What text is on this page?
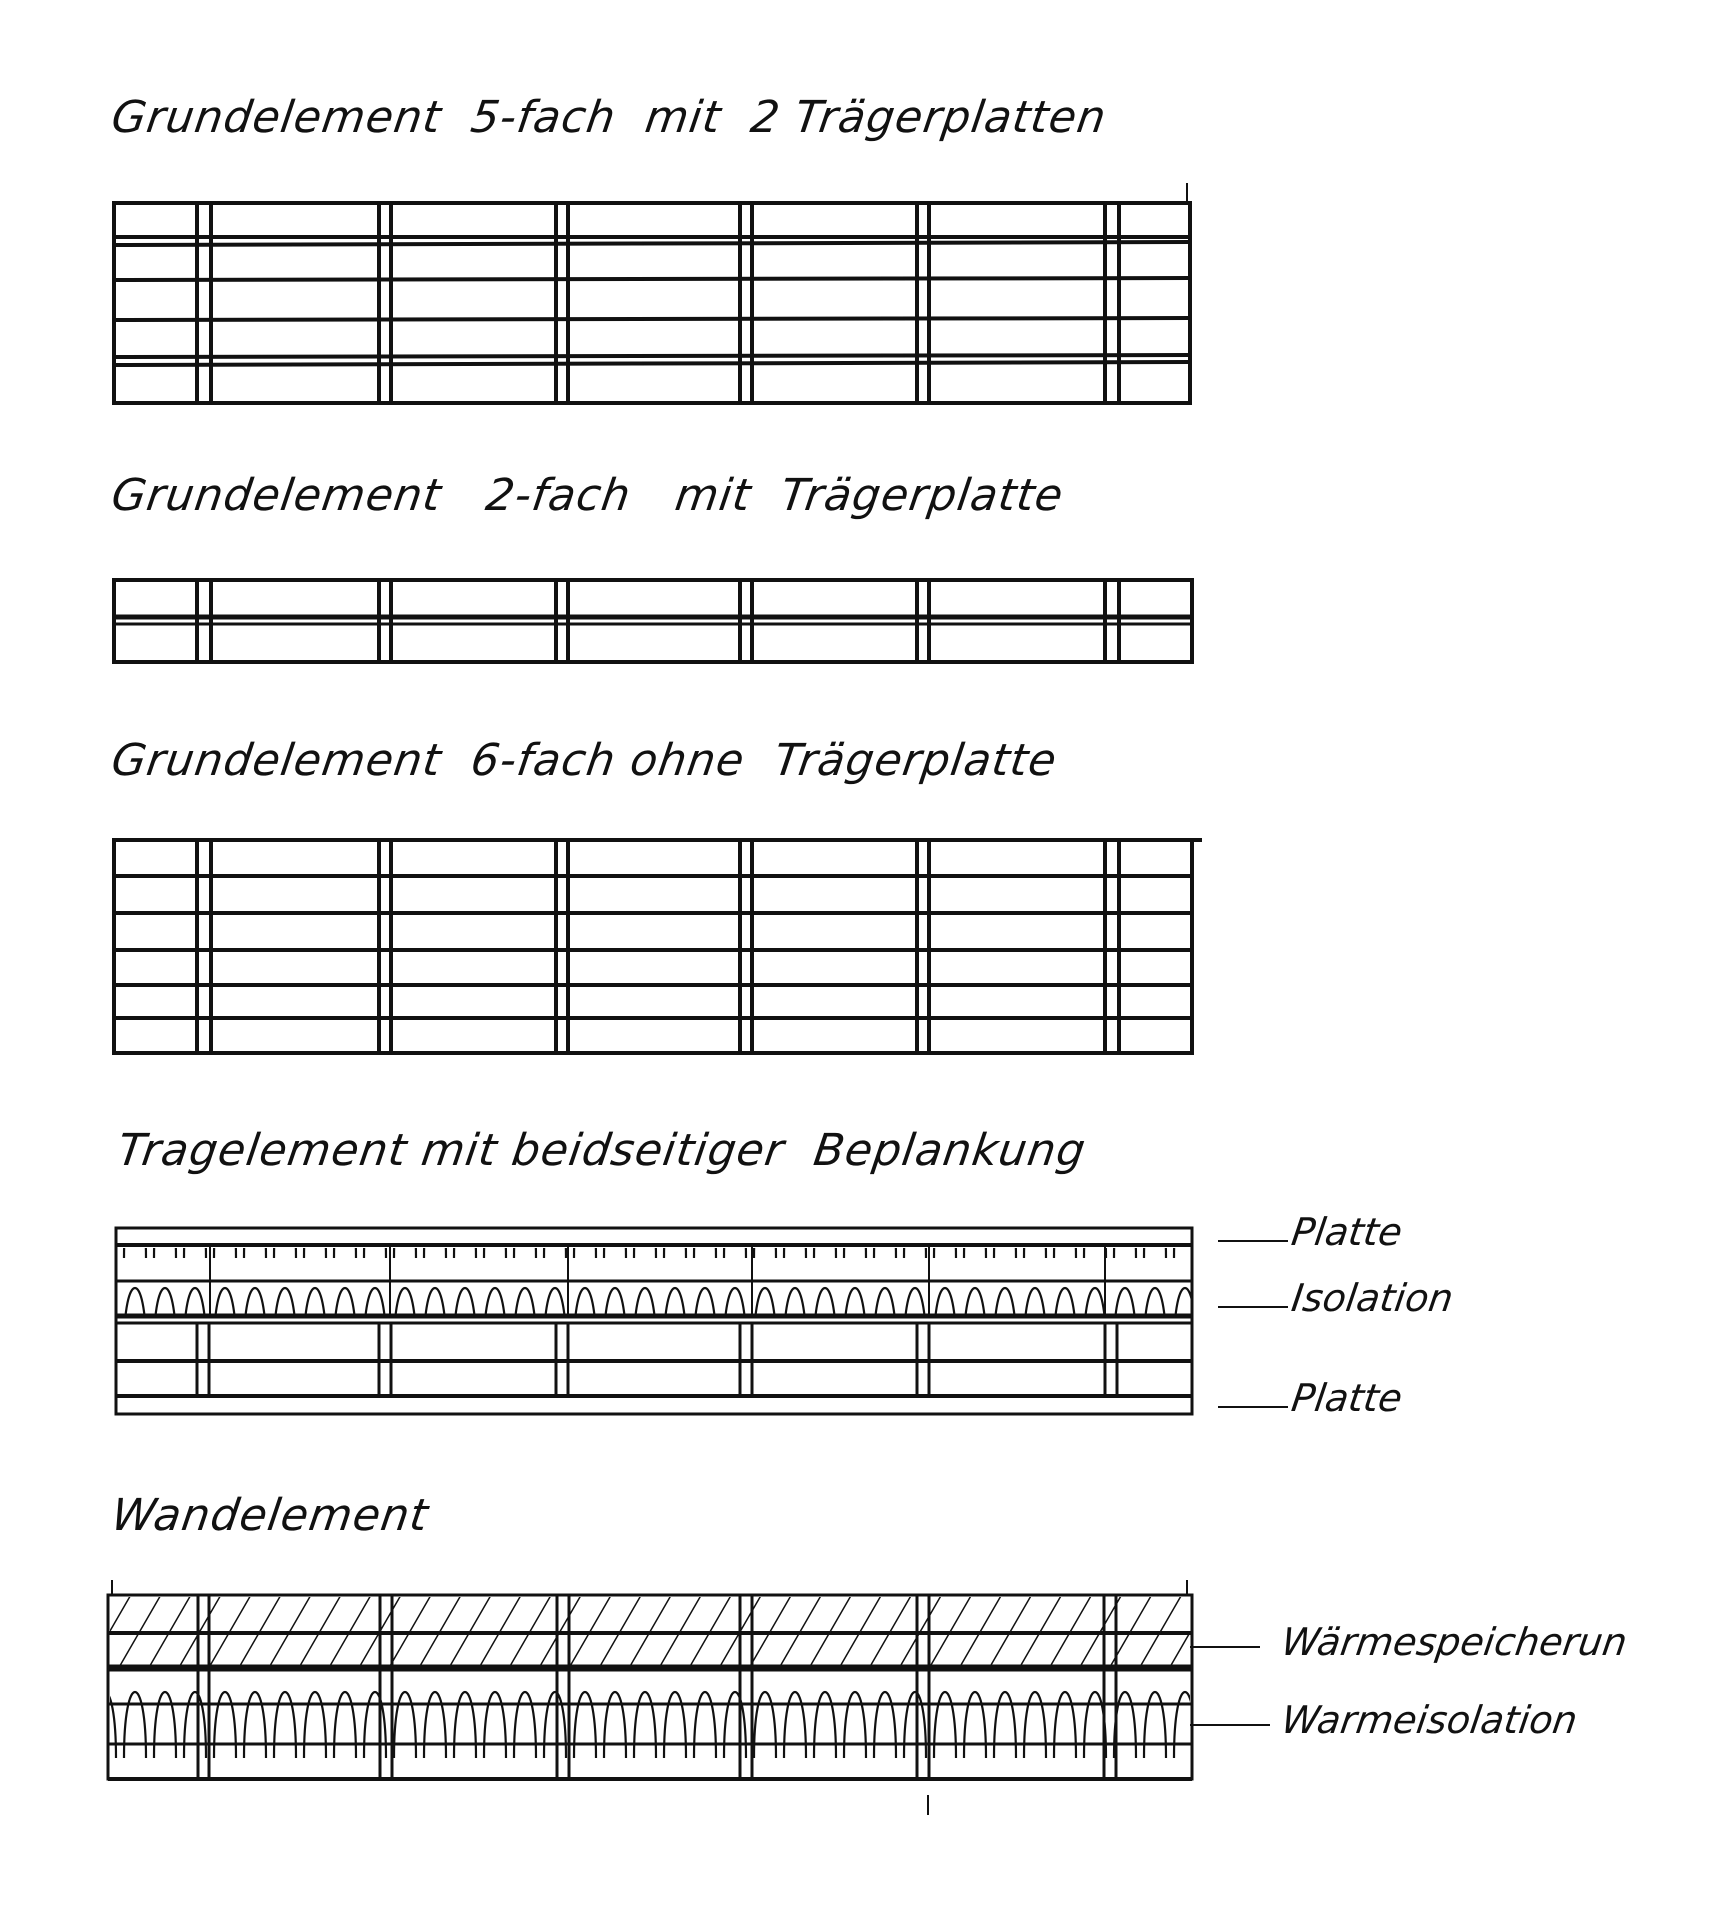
Grundelement  5-fach  mit  2 Trägerplatten
Grundelement   2-fach   mit  Trägerplatte
Grundelement  6-fach ohne  Trägerplatte
Tragelement mit beidseitiger  Beplankung
Wandelement
Platte
Isolation
Platte
Wärmespeicherun
Warmeisolation
